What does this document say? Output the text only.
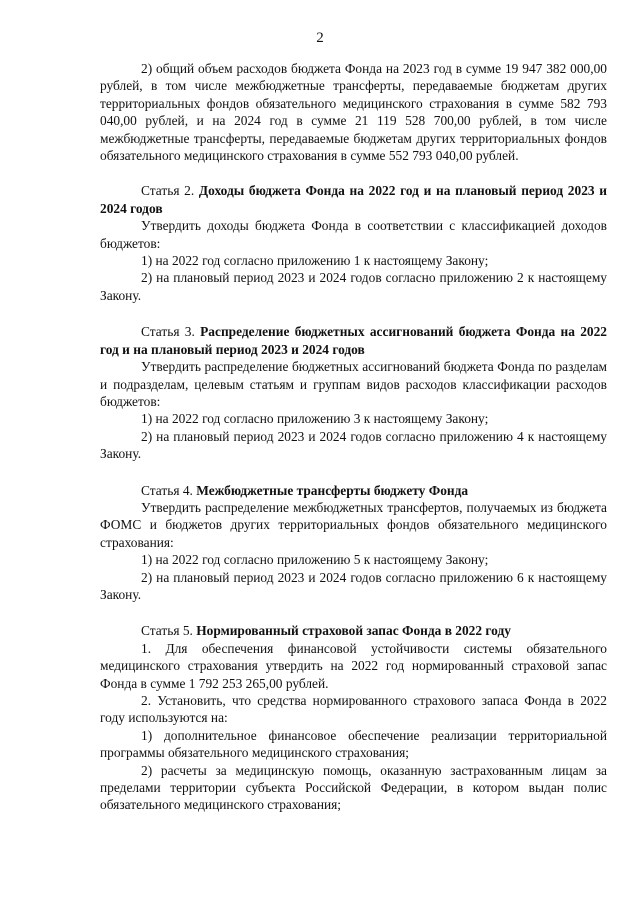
2

2) общий объем расходов бюджета Фонда на 2023 год в сумме 19 947 382 000,00 рублей, в том числе межбюджетные трансферты, передаваемые бюджетам других территориальных фондов обязательного медицинского страхования в сумме 582 793 040,00 рублей, и на 2024 год в сумме 21 119 528 700,00 рублей, в том числе межбюджетные трансферты, передаваемые бюджетам других территориальных фондов обязательного медицинского страхования в сумме 552 793 040,00 рублей.

Статья 2. Доходы бюджета Фонда на 2022 год и на плановый период 2023 и 2024 годов

Утвердить доходы бюджета Фонда в соответствии с классификацией доходов бюджетов:

1) на 2022 год согласно приложению 1 к настоящему Закону;

2) на плановый период 2023 и 2024 годов согласно приложению 2 к настоящему Закону.

Статья 3. Распределение бюджетных ассигнований бюджета Фонда на 2022 год и на плановый период 2023 и 2024 годов

Утвердить распределение бюджетных ассигнований бюджета Фонда по разделам и подразделам, целевым статьям и группам видов расходов классификации расходов бюджетов:

1) на 2022 год согласно приложению 3 к настоящему Закону;

2) на плановый период 2023 и 2024 годов согласно приложению 4 к настоящему Закону.

Статья 4. Межбюджетные трансферты бюджету Фонда

Утвердить распределение межбюджетных трансфертов, получаемых из бюджета ФОМС и бюджетов других территориальных фондов обязательного медицинского страхования:

1) на 2022 год согласно приложению 5 к настоящему Закону;

2) на плановый период 2023 и 2024 годов согласно приложению 6 к настоящему Закону.

Статья 5. Нормированный страховой запас Фонда в 2022 году

1. Для обеспечения финансовой устойчивости системы обязательного медицинского страхования утвердить на 2022 год нормированный страховой запас Фонда в сумме 1 792 253 265,00 рублей.

2. Установить, что средства нормированного страхового запаса Фонда в 2022 году используются на:

1) дополнительное финансовое обеспечение реализации территориальной программы обязательного медицинского страхования;

2) расчеты за медицинскую помощь, оказанную застрахованным лицам за пределами территории субъекта Российской Федерации, в котором выдан полис обязательного медицинского страхования;
